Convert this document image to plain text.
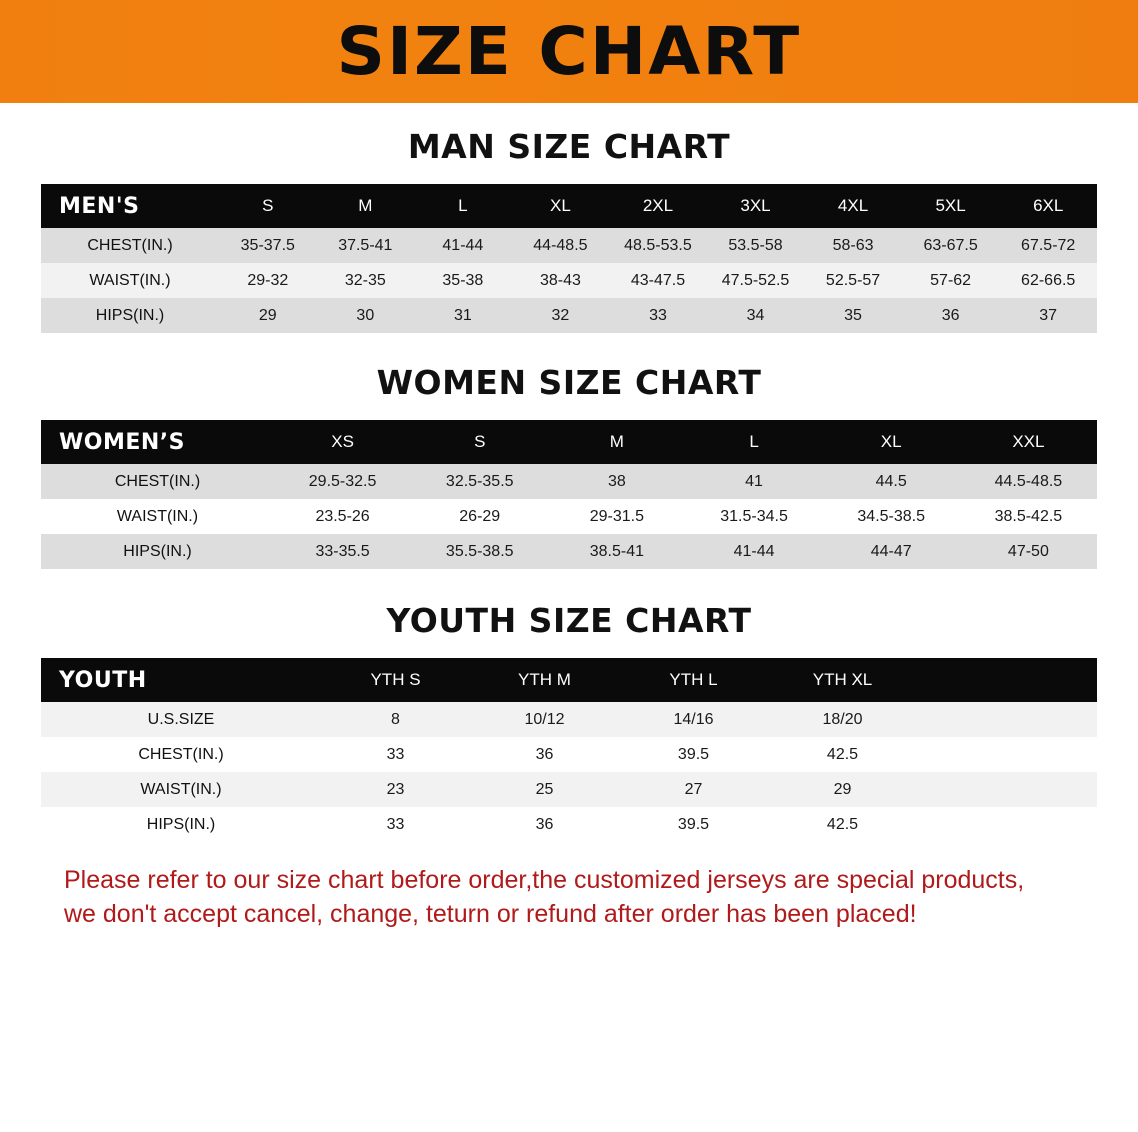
SIZE CHART
MAN SIZE CHART
MEN'S	S	M	L	XL	2XL	3XL	4XL	5XL	6XL
CHEST(IN.)	35-37.5	37.5-41	41-44	44-48.5	48.5-53.5	53.5-58	58-63	63-67.5	67.5-72
WAIST(IN.)	29-32	32-35	35-38	38-43	43-47.5	47.5-52.5	52.5-57	57-62	62-66.5
HIPS(IN.)	29	30	31	32	33	34	35	36	37
WOMEN SIZE CHART
WOMEN’S	XS	S	M	L	XL	XXL
CHEST(IN.)	29.5-32.5	32.5-35.5	38	41	44.5	44.5-48.5
WAIST(IN.)	23.5-26	26-29	29-31.5	31.5-34.5	34.5-38.5	38.5-42.5
HIPS(IN.)	33-35.5	35.5-38.5	38.5-41	41-44	44-47	47-50
YOUTH SIZE CHART
YOUTH	YTH S	YTH M	YTH L	YTH XL	
U.S.SIZE	8	10/12	14/16	18/20	
CHEST(IN.)	33	36	39.5	42.5	
WAIST(IN.)	23	25	27	29	
HIPS(IN.)	33	36	39.5	42.5	
Please refer to our size chart before order,the customized jerseys are special products,
we don't accept cancel, change, teturn or refund after order has been placed!
